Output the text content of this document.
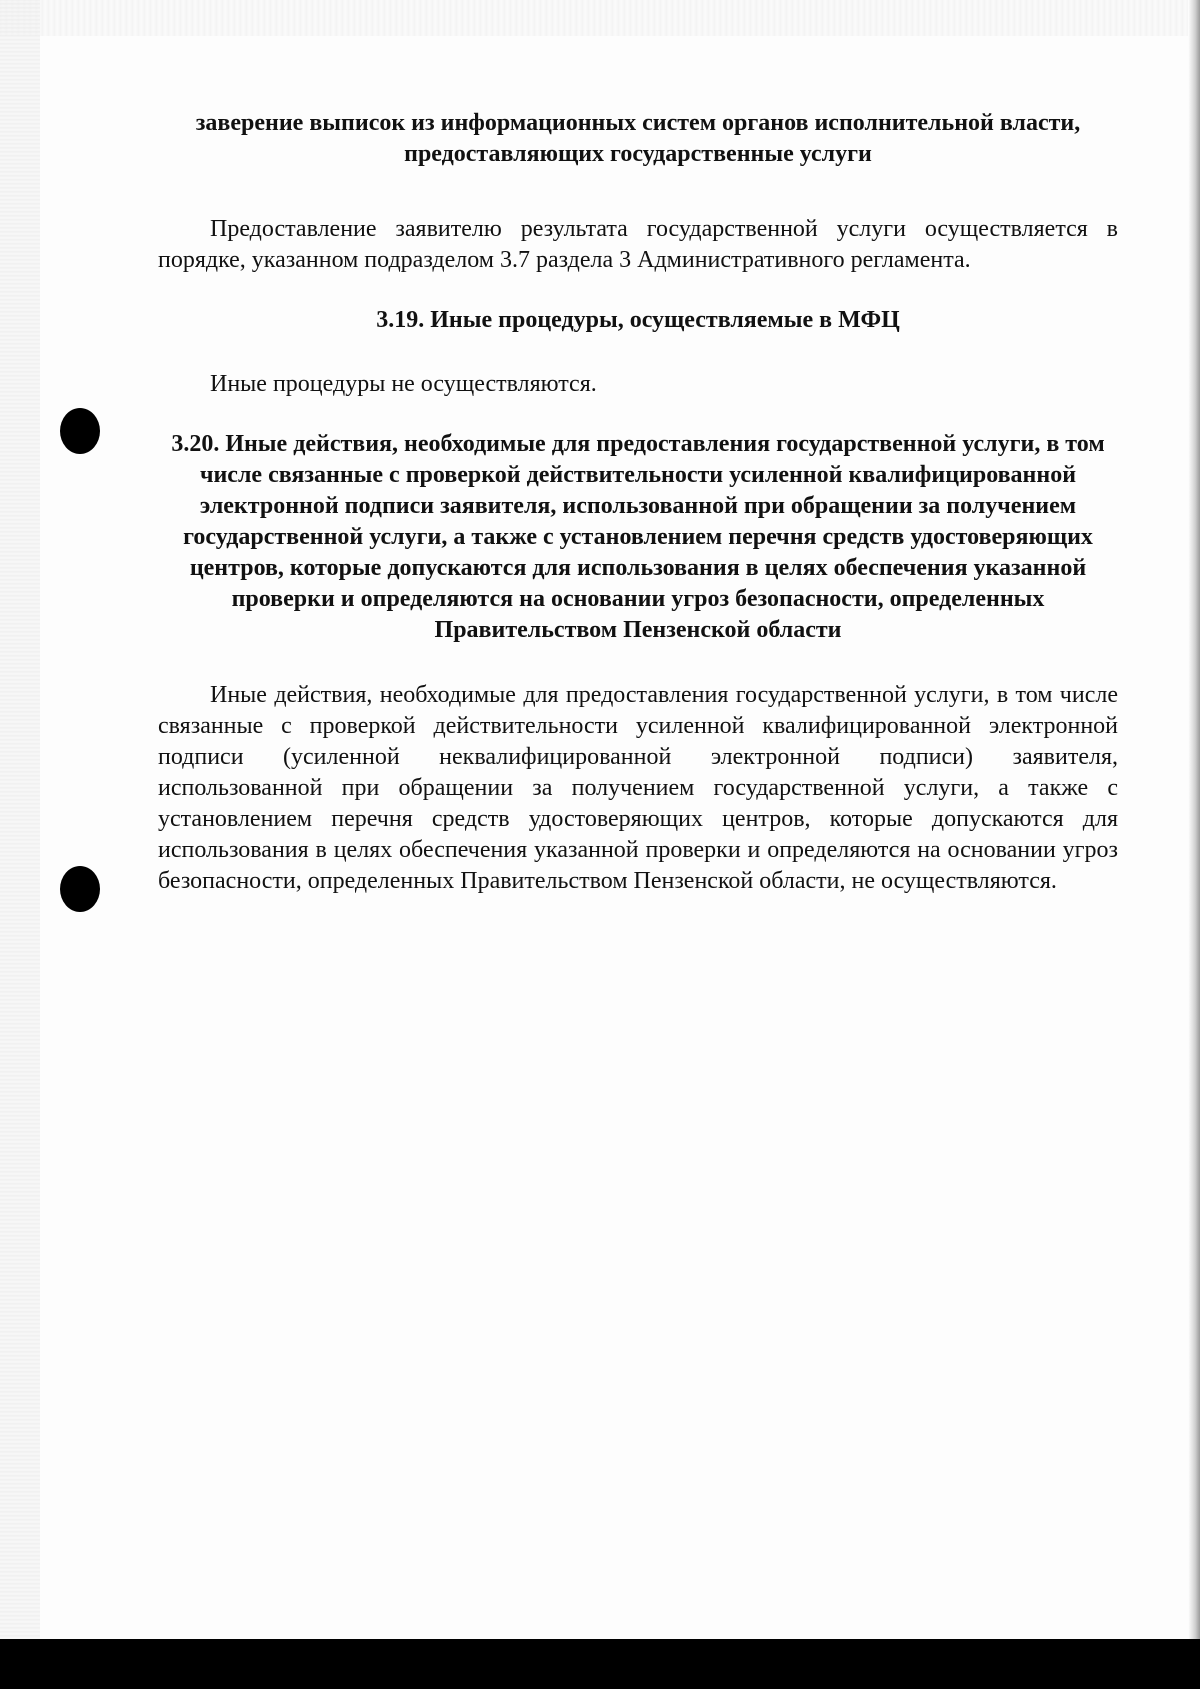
заверение выписок из информационных систем органов исполнительной власти, предоставляющих государственные услуги

Предоставление заявителю результата государственной услуги осуществляется в порядке, указанном подразделом 3.7 раздела 3 Административного регламента.

3.19. Иные процедуры, осуществляемые в МФЦ

Иные процедуры не осуществляются.

3.20. Иные действия, необходимые для предоставления государственной услуги, в том числе связанные с проверкой действительности усиленной квалифицированной электронной подписи заявителя, использованной при обращении за получением государственной услуги, а также с установлением перечня средств удостоверяющих центров, которые допускаются для использования в целях обеспечения указанной проверки и определяются на основании угроз безопасности, определенных Правительством Пензенской области

Иные действия, необходимые для предоставления государственной услуги, в том числе связанные с проверкой действительности усиленной квалифицированной электронной подписи (усиленной неквалифицированной электронной подписи) заявителя, использованной при обращении за получением государственной услуги, а также с установлением перечня средств удостоверяющих центров, которые допускаются для использования в целях обеспечения указанной проверки и определяются на основании угроз безопасности, определенных Правительством Пензенской области, не осуществляются.
